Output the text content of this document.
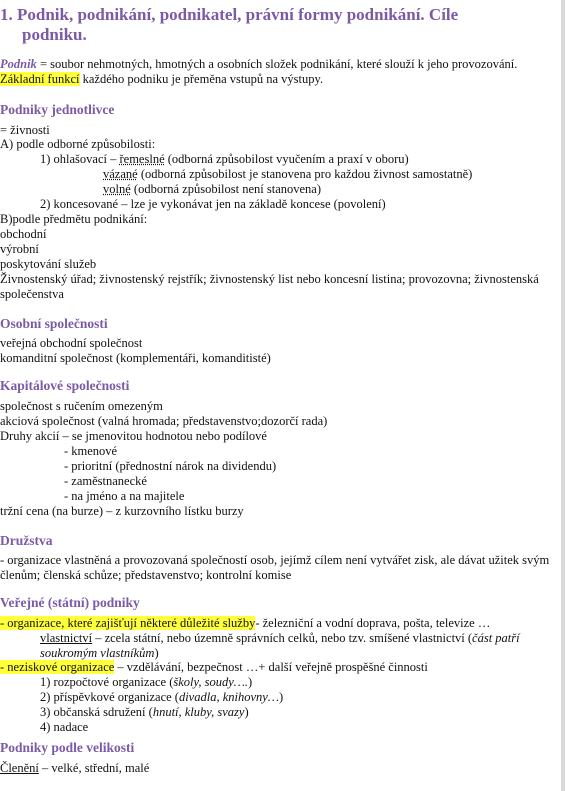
1. Podnik, podnikání, podnikatel, právní formy podnikání. Cíle
podniku.
Podnik = soubor nehmotných, hmotných a osobních složek podnikání, které slouží k jeho provozování. Základní funkcí každého podniku je přeměna vstupů na výstupy.
Podniky jednotlivce
= živnosti
A) podle odborné způsobilosti:
1) ohlašovací – řemeslné (odborná způsobilost vyučením a praxí v oboru)
vázané (odborná způsobilost je stanovena pro každou živnost samostatně)
volné (odborná způsobilost není stanovena)
2) koncesované – lze je vykonávat jen na základě koncese (povolení)
B)podle předmětu podnikání:
obchodní
výrobní
poskytování služeb
Živnostenský úřad; živnostenský rejstřík; živnostenský list nebo koncesní listina; provozovna; živnostenská společenstva
Osobní společnosti
veřejná obchodní společnost
komanditní společnost (komplementáři, komanditisté)
Kapitálové společnosti
společnost s ručením omezeným
akciová společnost (valná hromada; představenstvo;dozorčí rada)
Druhy akcií – se jmenovitou hodnotou nebo podílové
- kmenové
- prioritní (přednostní nárok na dividendu)
- zaměstnanecké
- na jméno a na majitele
tržní cena (na burze) – z kurzovního lístku burzy
Družstva
- organizace vlastněná a provozovaná společností osob, jejímž cílem není vytvářet zisk, ale dávat užitek svým členům; členská schůze; představenstvo; kontrolní komise
Veřejné (státní) podniky
- organizace, které zajišťují některé důležité služby- železniční a vodní doprava, pošta, televize …
vlastnictví – zcela státní, nebo územně správních celků, nebo tzv. smíšené vlastnictví (část patří soukromým vlastníkům)
- neziskové organizace – vzdělávání, bezpečnost …+ další veřejně prospěšné činnosti
1) rozpočtové organizace (školy, soudy….)
2) příspěvkové organizace (divadla, knihovny…)
3) občanská sdružení (hnutí, kluby, svazy)
4) nadace
Podniky podle velikosti
Členění – velké, střední, malé
